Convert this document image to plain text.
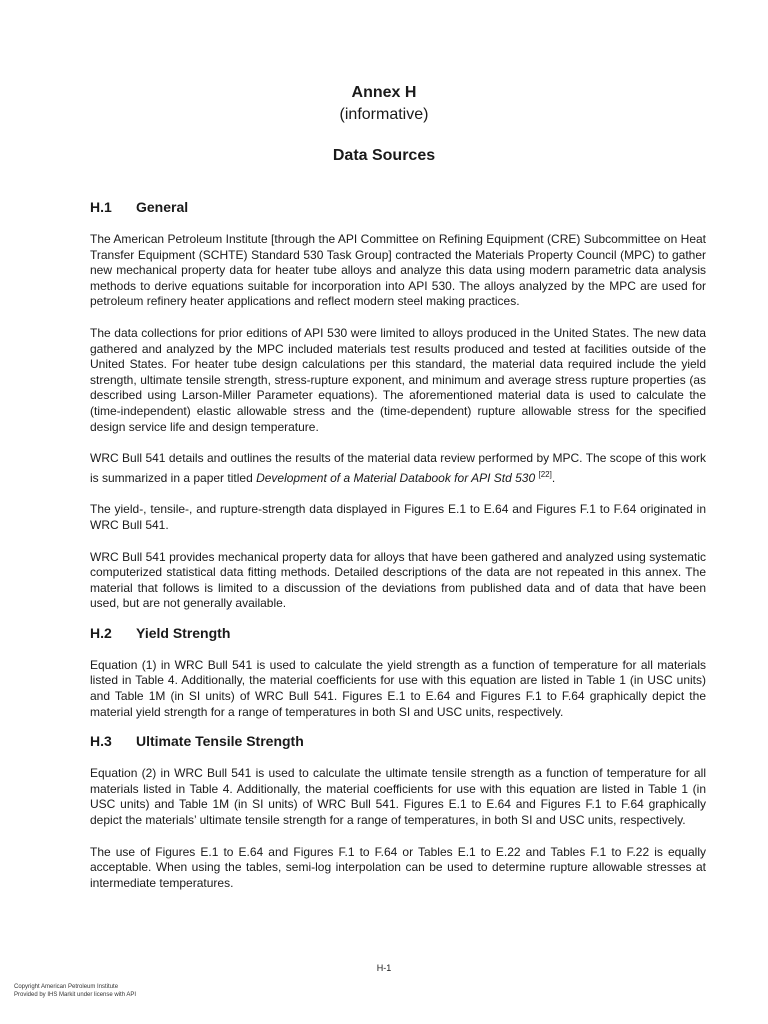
Annex H
(informative)
Data Sources
H.1	General

The American Petroleum Institute [through the API Committee on Refining Equipment (CRE) Subcommittee on Heat Transfer Equipment (SCHTE) Standard 530 Task Group] contracted the Materials Property Council (MPC) to gather new mechanical property data for heater tube alloys and analyze this data using modern parametric data analysis methods to derive equations suitable for incorporation into API 530. The alloys analyzed by the MPC are used for petroleum refinery heater applications and reflect modern steel making practices.

The data collections for prior editions of API 530 were limited to alloys produced in the United States. The new data gathered and analyzed by the MPC included materials test results produced and tested at facilities outside of the United States. For heater tube design calculations per this standard, the material data required include the yield strength, ultimate tensile strength, stress-rupture exponent, and minimum and average stress rupture properties (as described using Larson-Miller Parameter equations). The aforementioned material data is used to calculate the (time-independent) elastic allowable stress and the (time-dependent) rupture allowable stress for the specified design service life and design temperature.

WRC Bull 541 details and outlines the results of the material data review performed by MPC. The scope of this work is summarized in a paper titled Development of a Material Databook for API Std 530 [22].

The yield-, tensile-, and rupture-strength data displayed in Figures E.1 to E.64 and Figures F.1 to F.64 originated in WRC Bull 541.

WRC Bull 541 provides mechanical property data for alloys that have been gathered and analyzed using systematic computerized statistical data fitting methods. Detailed descriptions of the data are not repeated in this annex. The material that follows is limited to a discussion of the deviations from published data and of data that have been used, but are not generally available.

H.2	Yield Strength

Equation (1) in WRC Bull 541 is used to calculate the yield strength as a function of temperature for all materials listed in Table 4. Additionally, the material coefficients for use with this equation are listed in Table 1 (in USC units) and Table 1M (in SI units) of WRC Bull 541. Figures E.1 to E.64 and Figures F.1 to F.64 graphically depict the material yield strength for a range of temperatures in both SI and USC units, respectively.

H.3	Ultimate Tensile Strength

Equation (2) in WRC Bull 541 is used to calculate the ultimate tensile strength as a function of temperature for all materials listed in Table 4. Additionally, the material coefficients for use with this equation are listed in Table 1 (in USC units) and Table 1M (in SI units) of WRC Bull 541. Figures E.1 to E.64 and Figures F.1 to F.64 graphically depict the materials’ ultimate tensile strength for a range of temperatures, in both SI and USC units, respectively.

The use of Figures E.1 to E.64 and Figures F.1 to F.64 or Tables E.1 to E.22 and Tables F.1 to F.22 is equally acceptable. When using the tables, semi-log interpolation can be used to determine rupture allowable stresses at intermediate temperatures.

H-1
Copyright American Petroleum Institute
Provided by IHS Markit under license with API
